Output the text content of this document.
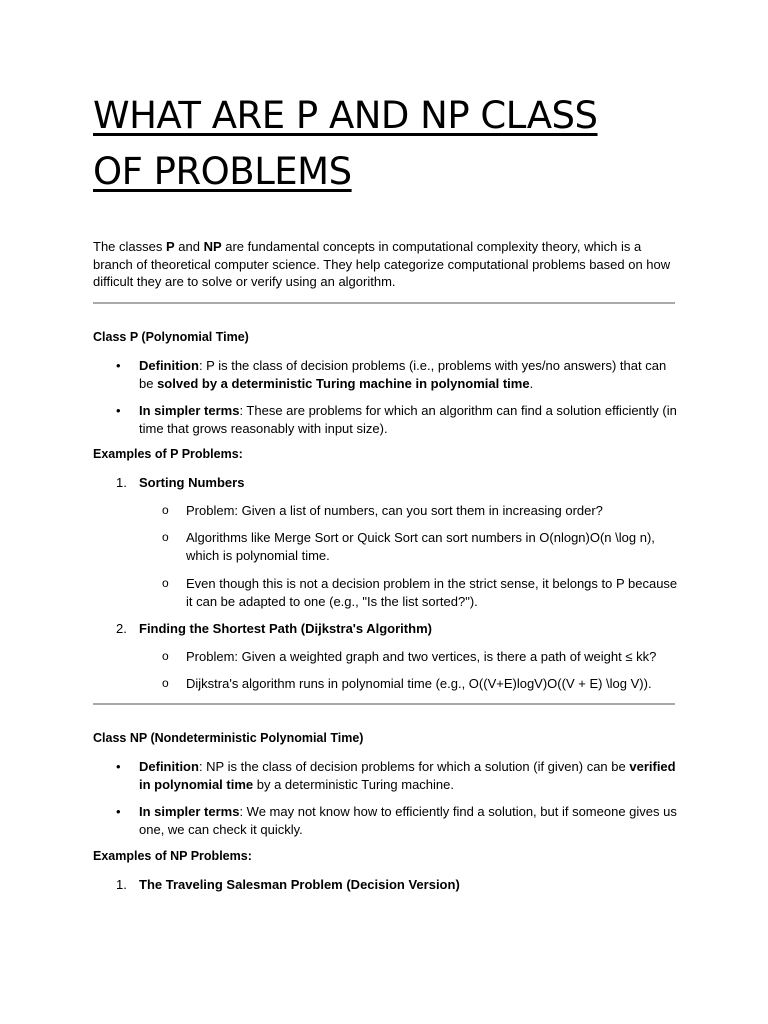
WHAT ARE P AND NP CLASS
OF PROBLEMS

The classes P and NP are fundamental concepts in computational complexity theory, which is a branch of theoretical computer science. They help categorize computational problems based on how difficult they are to solve or verify using an algorithm.

Class P (Polynomial Time)

• Definition: P is the class of decision problems (i.e., problems with yes/no answers) that can be solved by a deterministic Turing machine in polynomial time.

• In simpler terms: These are problems for which an algorithm can find a solution efficiently (in time that grows reasonably with input size).

Examples of P Problems:

1. Sorting Numbers

o Problem: Given a list of numbers, can you sort them in increasing order?

o Algorithms like Merge Sort or Quick Sort can sort numbers in O(nlogn)O(n \log n), which is polynomial time.

o Even though this is not a decision problem in the strict sense, it belongs to P because it can be adapted to one (e.g., "Is the list sorted?").

2. Finding the Shortest Path (Dijkstra's Algorithm)

o Problem: Given a weighted graph and two vertices, is there a path of weight ≤ kk?

o Dijkstra's algorithm runs in polynomial time (e.g., O((V+E)logV)O((V + E) \log V)).

Class NP (Nondeterministic Polynomial Time)

• Definition: NP is the class of decision problems for which a solution (if given) can be verified in polynomial time by a deterministic Turing machine.

• In simpler terms: We may not know how to efficiently find a solution, but if someone gives us one, we can check it quickly.

Examples of NP Problems:

1. The Traveling Salesman Problem (Decision Version)
